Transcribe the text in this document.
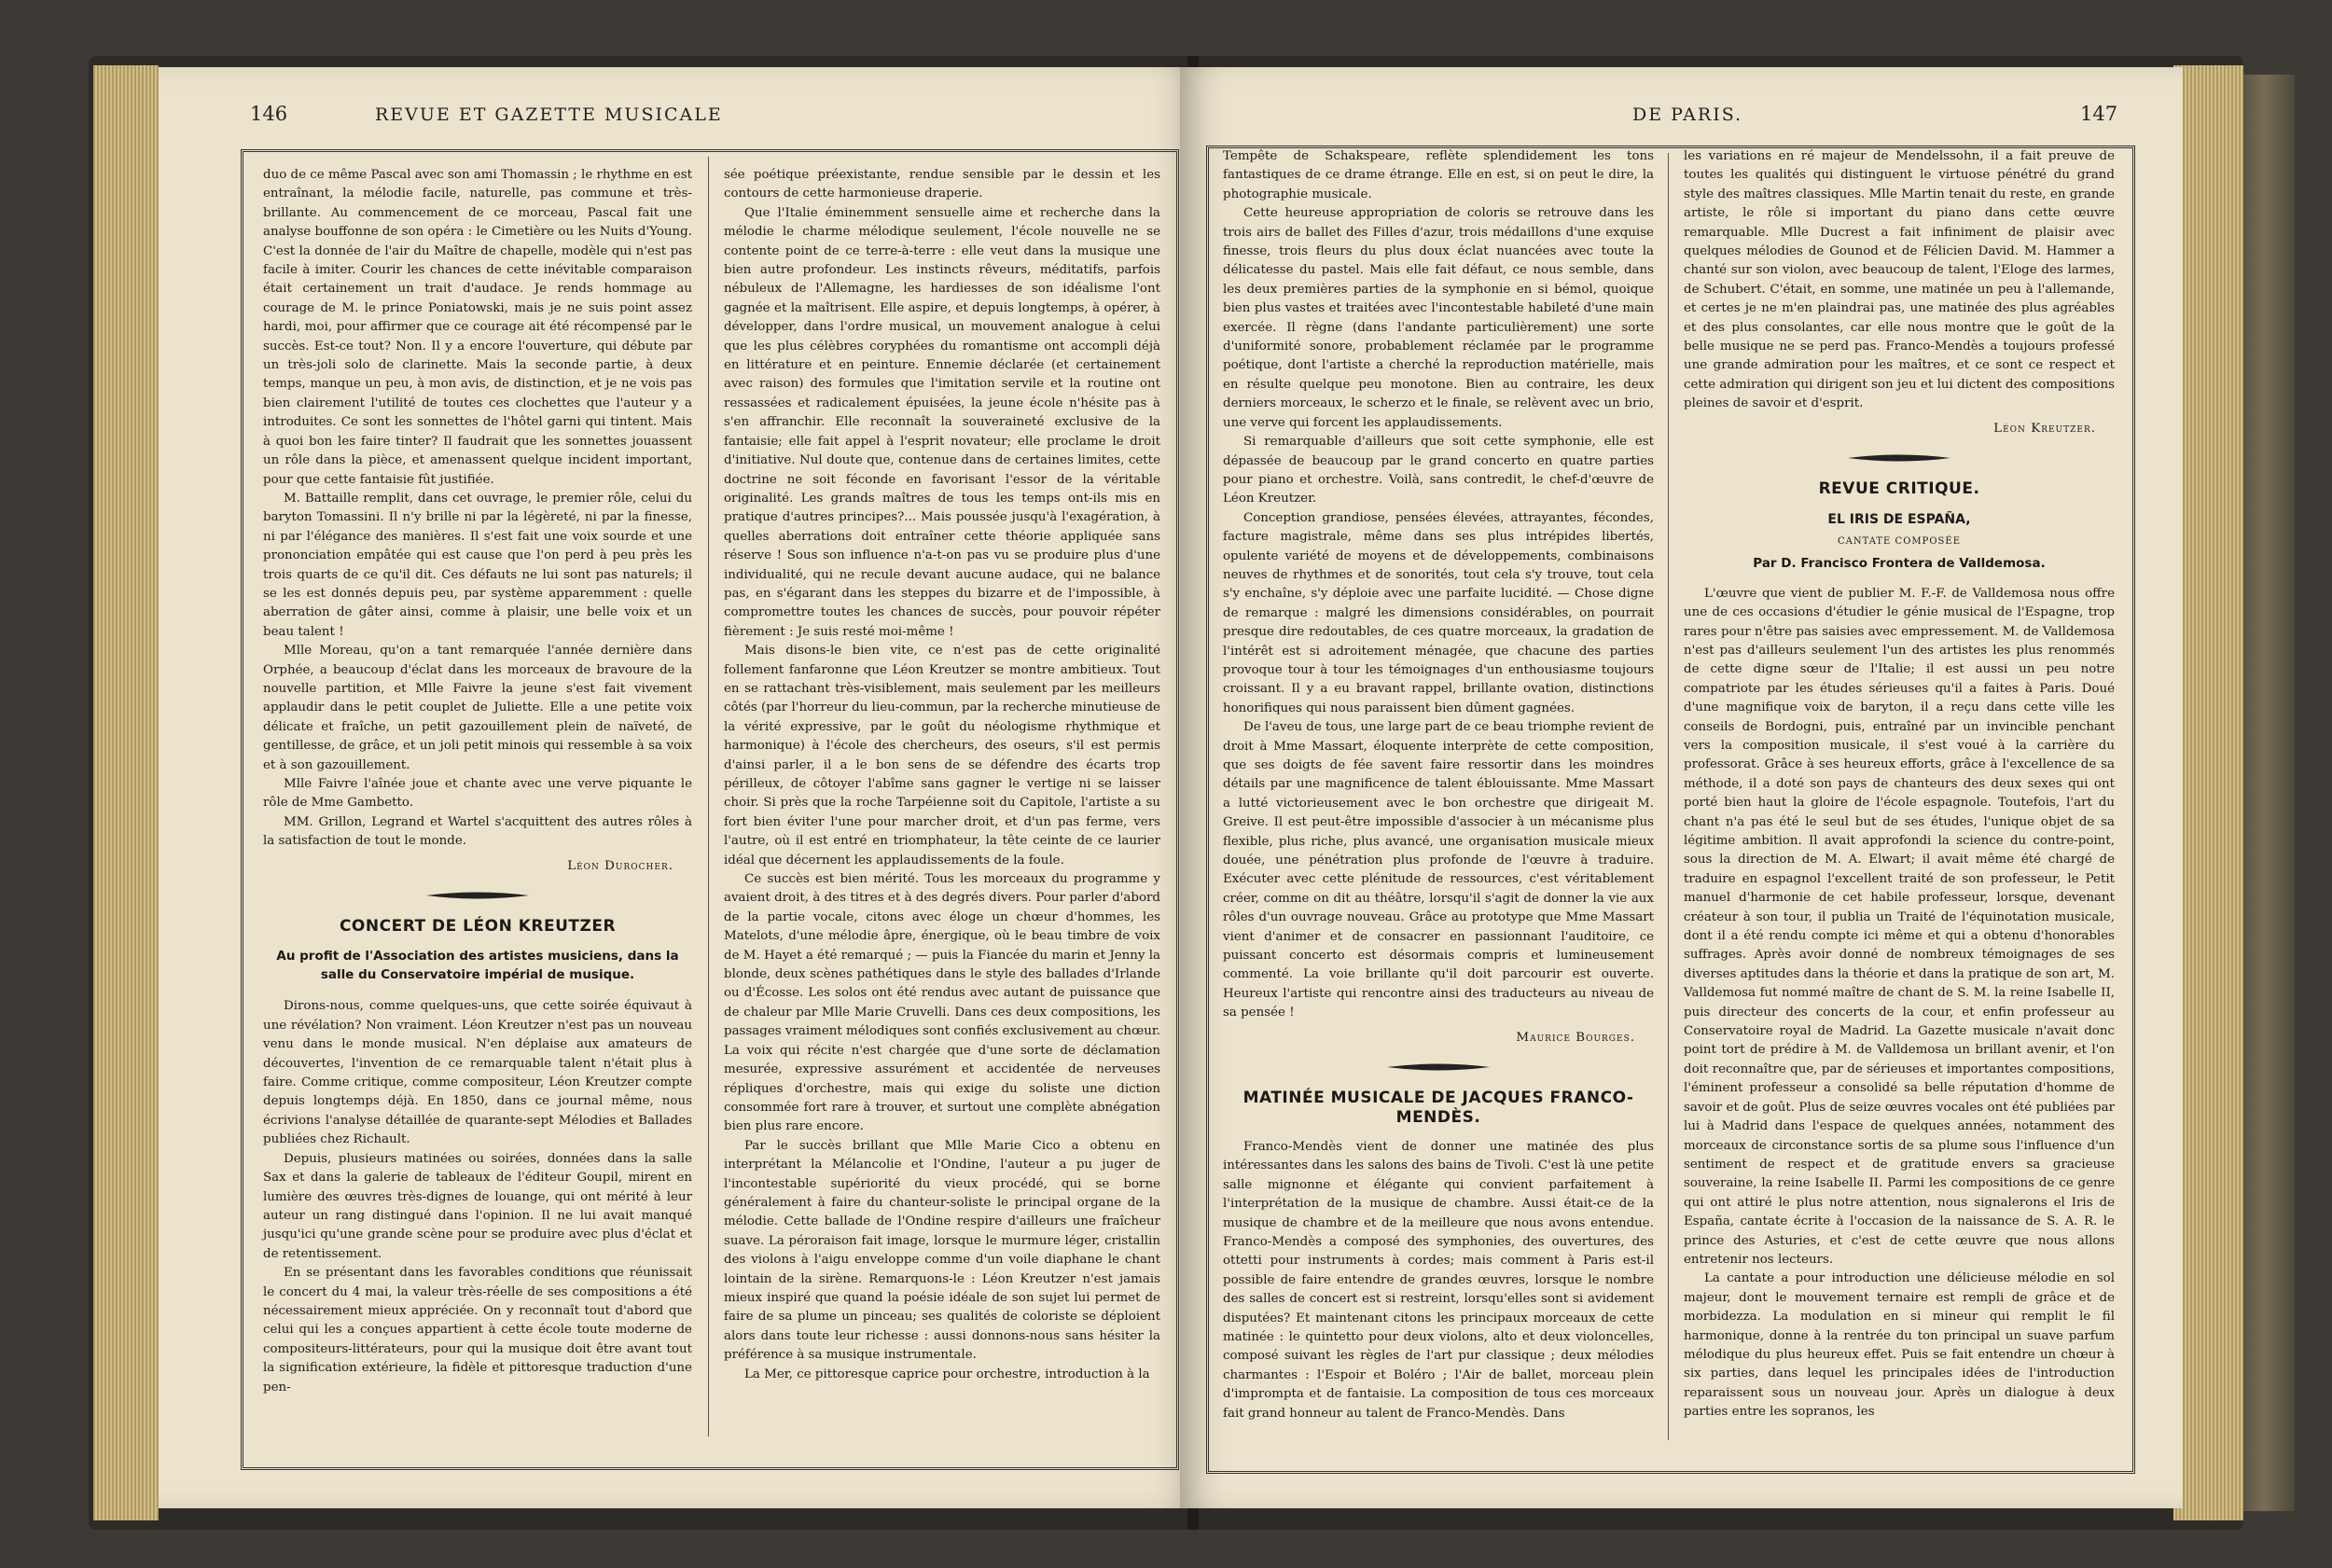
146	REVUE ET GAZETTE MUSICALE

duo de ce même Pascal avec son ami Thomassin ; le rhythme en est entraînant, la mélodie facile, naturelle, pas commune et très-brillante. Au commencement de ce morceau, Pascal fait une analyse bouffonne de son opéra : le Cimetière ou les Nuits d'Young. C'est la donnée de l'air du Maître de chapelle, modèle qui n'est pas facile à imiter. Courir les chances de cette inévitable comparaison était certainement un trait d'audace. Je rends hommage au courage de M. le prince Poniatowski, mais je ne suis point assez hardi, moi, pour affirmer que ce courage ait été récompensé par le succès. Est-ce tout? Non. Il y a encore l'ouverture, qui débute par un très-joli solo de clarinette. Mais la seconde partie, à deux temps, manque un peu, à mon avis, de distinction, et je ne vois pas bien clairement l'utilité de toutes ces clochettes que l'auteur y a introduites. Ce sont les sonnettes de l'hôtel garni qui tintent. Mais à quoi bon les faire tinter? Il faudrait que les sonnettes jouassent un rôle dans la pièce, et amenassent quelque incident important, pour que cette fantaisie fût justifiée.

M. Battaille remplit, dans cet ouvrage, le premier rôle, celui du baryton Tomassini. Il n'y brille ni par la légèreté, ni par la finesse, ni par l'élégance des manières. Il s'est fait une voix sourde et une prononciation empâtée qui est cause que l'on perd à peu près les trois quarts de ce qu'il dit. Ces défauts ne lui sont pas naturels; il se les est donnés depuis peu, par système apparemment : quelle aberration de gâter ainsi, comme à plaisir, une belle voix et un beau talent !

Mlle Moreau, qu'on a tant remarquée l'année dernière dans Orphée, a beaucoup d'éclat dans les morceaux de bravoure de la nouvelle partition, et Mlle Faivre la jeune s'est fait vivement applaudir dans le petit couplet de Juliette. Elle a une petite voix délicate et fraîche, un petit gazouillement plein de naïveté, de gentillesse, de grâce, et un joli petit minois qui ressemble à sa voix et à son gazouillement.

Mlle Faivre l'aînée joue et chante avec une verve piquante le rôle de Mme Gambetto.

MM. Grillon, Legrand et Wartel s'acquittent des autres rôles à la satisfaction de tout le monde.

Léon Durocher.
CONCERT DE LÉON KREUTZER
Au profit de l'Association des artistes musiciens, dans la salle du Conservatoire impérial de musique.

Dirons-nous, comme quelques-uns, que cette soirée équivaut à une révélation? Non vraiment. Léon Kreutzer n'est pas un nouveau venu dans le monde musical. N'en déplaise aux amateurs de découvertes, l'invention de ce remarquable talent n'était plus à faire. Comme critique, comme compositeur, Léon Kreutzer compte depuis longtemps déjà. En 1850, dans ce journal même, nous écrivions l'analyse détaillée de quarante-sept Mélodies et Ballades publiées chez Richault.

Depuis, plusieurs matinées ou soirées, données dans la salle Sax et dans la galerie de tableaux de l'éditeur Goupil, mirent en lumière des œuvres très-dignes de louange, qui ont mérité à leur auteur un rang distingué dans l'opinion. Il ne lui avait manqué jusqu'ici qu'une grande scène pour se produire avec plus d'éclat et de retentissement.

En se présentant dans les favorables conditions que réunissait le concert du 4 mai, la valeur très-réelle de ses compositions a été nécessairement mieux appréciée. On y reconnaît tout d'abord que celui qui les a conçues appartient à cette école toute moderne de compositeurs-littérateurs, pour qui la musique doit être avant tout la signification extérieure, la fidèle et pittoresque traduction d'une pen-

sée poétique préexistante, rendue sensible par le dessin et les contours de cette harmonieuse draperie.

Que l'Italie éminemment sensuelle aime et recherche dans la mélodie le charme mélodique seulement, l'école nouvelle ne se contente point de ce terre-à-terre : elle veut dans la musique une bien autre profondeur. Les instincts rêveurs, méditatifs, parfois nébuleux de l'Allemagne, les hardiesses de son idéalisme l'ont gagnée et la maîtrisent. Elle aspire, et depuis longtemps, à opérer, à développer, dans l'ordre musical, un mouvement analogue à celui que les plus célèbres coryphées du romantisme ont accompli déjà en littérature et en peinture. Ennemie déclarée (et certainement avec raison) des formules que l'imitation servile et la routine ont ressassées et radicalement épuisées, la jeune école n'hésite pas à s'en affranchir. Elle reconnaît la souveraineté exclusive de la fantaisie; elle fait appel à l'esprit novateur; elle proclame le droit d'initiative. Nul doute que, contenue dans de certaines limites, cette doctrine ne soit féconde en favorisant l'essor de la véritable originalité. Les grands maîtres de tous les temps ont-ils mis en pratique d'autres principes?... Mais poussée jusqu'à l'exagération, à quelles aberrations doit entraîner cette théorie appliquée sans réserve ! Sous son influence n'a-t-on pas vu se produire plus d'une individualité, qui ne recule devant aucune audace, qui ne balance pas, en s'égarant dans les steppes du bizarre et de l'impossible, à compromettre toutes les chances de succès, pour pouvoir répéter fièrement : Je suis resté moi-même !

Mais disons-le bien vite, ce n'est pas de cette originalité follement fanfaronne que Léon Kreutzer se montre ambitieux. Tout en se rattachant très-visiblement, mais seulement par les meilleurs côtés (par l'horreur du lieu-commun, par la recherche minutieuse de la vérité expressive, par le goût du néologisme rhythmique et harmonique) à l'école des chercheurs, des oseurs, s'il est permis d'ainsi parler, il a le bon sens de se défendre des écarts trop périlleux, de côtoyer l'abîme sans gagner le vertige ni se laisser choir. Si près que la roche Tarpéienne soit du Capitole, l'artiste a su fort bien éviter l'une pour marcher droit, et d'un pas ferme, vers l'autre, où il est entré en triomphateur, la tête ceinte de ce laurier idéal que décernent les applaudissements de la foule.

Ce succès est bien mérité. Tous les morceaux du programme y avaient droit, à des titres et à des degrés divers. Pour parler d'abord de la partie vocale, citons avec éloge un chœur d'hommes, les Matelots, d'une mélodie âpre, énergique, où le beau timbre de voix de M. Hayet a été remarqué ; — puis la Fiancée du marin et Jenny la blonde, deux scènes pathétiques dans le style des ballades d'Irlande ou d'Écosse. Les solos ont été rendus avec autant de puissance que de chaleur par Mlle Marie Cruvelli. Dans ces deux compositions, les passages vraiment mélodiques sont confiés exclusivement au chœur. La voix qui récite n'est chargée que d'une sorte de déclamation mesurée, expressive assurément et accidentée de nerveuses répliques d'orchestre, mais qui exige du soliste une diction consommée fort rare à trouver, et surtout une complète abnégation bien plus rare encore.

Par le succès brillant que Mlle Marie Cico a obtenu en interprétant la Mélancolie et l'Ondine, l'auteur a pu juger de l'incontestable supériorité du vieux procédé, qui se borne généralement à faire du chanteur-soliste le principal organe de la mélodie. Cette ballade de l'Ondine respire d'ailleurs une fraîcheur suave. La péroraison fait image, lorsque le murmure léger, cristallin des violons à l'aigu enveloppe comme d'un voile diaphane le chant lointain de la sirène. Remarquons-le : Léon Kreutzer n'est jamais mieux inspiré que quand la poésie idéale de son sujet lui permet de faire de sa plume un pinceau; ses qualités de coloriste se déploient alors dans toute leur richesse : aussi donnons-nous sans hésiter la préférence à sa musique instrumentale.

La Mer, ce pittoresque caprice pour orchestre, introduction à la

DE PARIS.	147

Tempête de Schakspeare, reflète splendidement les tons fantastiques de ce drame étrange. Elle en est, si on peut le dire, la photographie musicale.

Cette heureuse appropriation de coloris se retrouve dans les trois airs de ballet des Filles d'azur, trois médaillons d'une exquise finesse, trois fleurs du plus doux éclat nuancées avec toute la délicatesse du pastel. Mais elle fait défaut, ce nous semble, dans les deux premières parties de la symphonie en si bémol, quoique bien plus vastes et traitées avec l'incontestable habileté d'une main exercée. Il règne (dans l'andante particulièrement) une sorte d'uniformité sonore, probablement réclamée par le programme poétique, dont l'artiste a cherché la reproduction matérielle, mais en résulte quelque peu monotone. Bien au contraire, les deux derniers morceaux, le scherzo et le finale, se relèvent avec un brio, une verve qui forcent les applaudissements.

Si remarquable d'ailleurs que soit cette symphonie, elle est dépassée de beaucoup par le grand concerto en quatre parties pour piano et orchestre. Voilà, sans contredit, le chef-d'œuvre de Léon Kreutzer.

Conception grandiose, pensées élevées, attrayantes, fécondes, facture magistrale, même dans ses plus intrépides libertés, opulente variété de moyens et de développements, combinaisons neuves de rhythmes et de sonorités, tout cela s'y trouve, tout cela s'y enchaîne, s'y déploie avec une parfaite lucidité. — Chose digne de remarque : malgré les dimensions considérables, on pourrait presque dire redoutables, de ces quatre morceaux, la gradation de l'intérêt est si adroitement ménagée, que chacune des parties provoque tour à tour les témoignages d'un enthousiasme toujours croissant. Il y a eu bravant rappel, brillante ovation, distinctions honorifiques qui nous paraissent bien dûment gagnées.

De l'aveu de tous, une large part de ce beau triomphe revient de droit à Mme Massart, éloquente interprète de cette composition, que ses doigts de fée savent faire ressortir dans les moindres détails par une magnificence de talent éblouissante. Mme Massart a lutté victorieusement avec le bon orchestre que dirigeait M. Greive. Il est peut-être impossible d'associer à un mécanisme plus flexible, plus riche, plus avancé, une organisation musicale mieux douée, une pénétration plus profonde de l'œuvre à traduire. Exécuter avec cette plénitude de ressources, c'est véritablement créer, comme on dit au théâtre, lorsqu'il s'agit de donner la vie aux rôles d'un ouvrage nouveau. Grâce au prototype que Mme Massart vient d'animer et de consacrer en passionnant l'auditoire, ce puissant concerto est désormais compris et lumineusement commenté. La voie brillante qu'il doit parcourir est ouverte. Heureux l'artiste qui rencontre ainsi des traducteurs au niveau de sa pensée !

Maurice Bourges.
MATINÉE MUSICALE DE JACQUES FRANCO-MENDÈS.

Franco-Mendès vient de donner une matinée des plus intéressantes dans les salons des bains de Tivoli. C'est là une petite salle mignonne et élégante qui convient parfaitement à l'interprétation de la musique de chambre. Aussi était-ce de la musique de chambre et de la meilleure que nous avons entendue. Franco-Mendès a composé des symphonies, des ouvertures, des ottetti pour instruments à cordes; mais comment à Paris est-il possible de faire entendre de grandes œuvres, lorsque le nombre des salles de concert est si restreint, lorsqu'elles sont si avidement disputées? Et maintenant citons les principaux morceaux de cette matinée : le quintetto pour deux violons, alto et deux violoncelles, composé suivant les règles de l'art pur classique ; deux mélodies charmantes : l'Espoir et Boléro ; l'Air de ballet, morceau plein d'imprompta et de fantaisie. La composition de tous ces morceaux fait grand honneur au talent de Franco-Mendès. Dans

les variations en ré majeur de Mendelssohn, il a fait preuve de toutes les qualités qui distinguent le virtuose pénétré du grand style des maîtres classiques. Mlle Martin tenait du reste, en grande artiste, le rôle si important du piano dans cette œuvre remarquable. Mlle Ducrest a fait infiniment de plaisir avec quelques mélodies de Gounod et de Félicien David. M. Hammer a chanté sur son violon, avec beaucoup de talent, l'Eloge des larmes, de Schubert. C'était, en somme, une matinée un peu à l'allemande, et certes je ne m'en plaindrai pas, une matinée des plus agréables et des plus consolantes, car elle nous montre que le goût de la belle musique ne se perd pas. Franco-Mendès a toujours professé une grande admiration pour les maîtres, et ce sont ce respect et cette admiration qui dirigent son jeu et lui dictent des compositions pleines de savoir et d'esprit.

Léon Kreutzer.
REVUE CRITIQUE.
EL IRIS DE ESPAÑA,
CANTATE COMPOSÉE
Par D. Francisco Frontera de Valldemosa.

L'œuvre que vient de publier M. F.-F. de Valldemosa nous offre une de ces occasions d'étudier le génie musical de l'Espagne, trop rares pour n'être pas saisies avec empressement. M. de Valldemosa n'est pas d'ailleurs seulement l'un des artistes les plus renommés de cette digne sœur de l'Italie; il est aussi un peu notre compatriote par les études sérieuses qu'il a faites à Paris. Doué d'une magnifique voix de baryton, il a reçu dans cette ville les conseils de Bordogni, puis, entraîné par un invincible penchant vers la composition musicale, il s'est voué à la carrière du professorat. Grâce à ses heureux efforts, grâce à l'excellence de sa méthode, il a doté son pays de chanteurs des deux sexes qui ont porté bien haut la gloire de l'école espagnole. Toutefois, l'art du chant n'a pas été le seul but de ses études, l'unique objet de sa légitime ambition. Il avait approfondi la science du contre-point, sous la direction de M. A. Elwart; il avait même été chargé de traduire en espagnol l'excellent traité de son professeur, le Petit manuel d'harmonie de cet habile professeur, lorsque, devenant créateur à son tour, il publia un Traité de l'équinotation musicale, dont il a été rendu compte ici même et qui a obtenu d'honorables suffrages. Après avoir donné de nombreux témoignages de ses diverses aptitudes dans la théorie et dans la pratique de son art, M. Valldemosa fut nommé maître de chant de S. M. la reine Isabelle II, puis directeur des concerts de la cour, et enfin professeur au Conservatoire royal de Madrid. La Gazette musicale n'avait donc point tort de prédire à M. de Valldemosa un brillant avenir, et l'on doit reconnaître que, par de sérieuses et importantes compositions, l'éminent professeur a consolidé sa belle réputation d'homme de savoir et de goût. Plus de seize œuvres vocales ont été publiées par lui à Madrid dans l'espace de quelques années, notamment des morceaux de circonstance sortis de sa plume sous l'influence d'un sentiment de respect et de gratitude envers sa gracieuse souveraine, la reine Isabelle II. Parmi les compositions de ce genre qui ont attiré le plus notre attention, nous signalerons el Iris de España, cantate écrite à l'occasion de la naissance de S. A. R. le prince des Asturies, et c'est de cette œuvre que nous allons entretenir nos lecteurs.

La cantate a pour introduction une délicieuse mélodie en sol majeur, dont le mouvement ternaire est rempli de grâce et de morbidezza. La modulation en si mineur qui remplit le fil harmonique, donne à la rentrée du ton principal un suave parfum mélodique du plus heureux effet. Puis se fait entendre un chœur à six parties, dans lequel les principales idées de l'introduction reparaissent sous un nouveau jour. Après un dialogue à deux parties entre les sopranos, les
